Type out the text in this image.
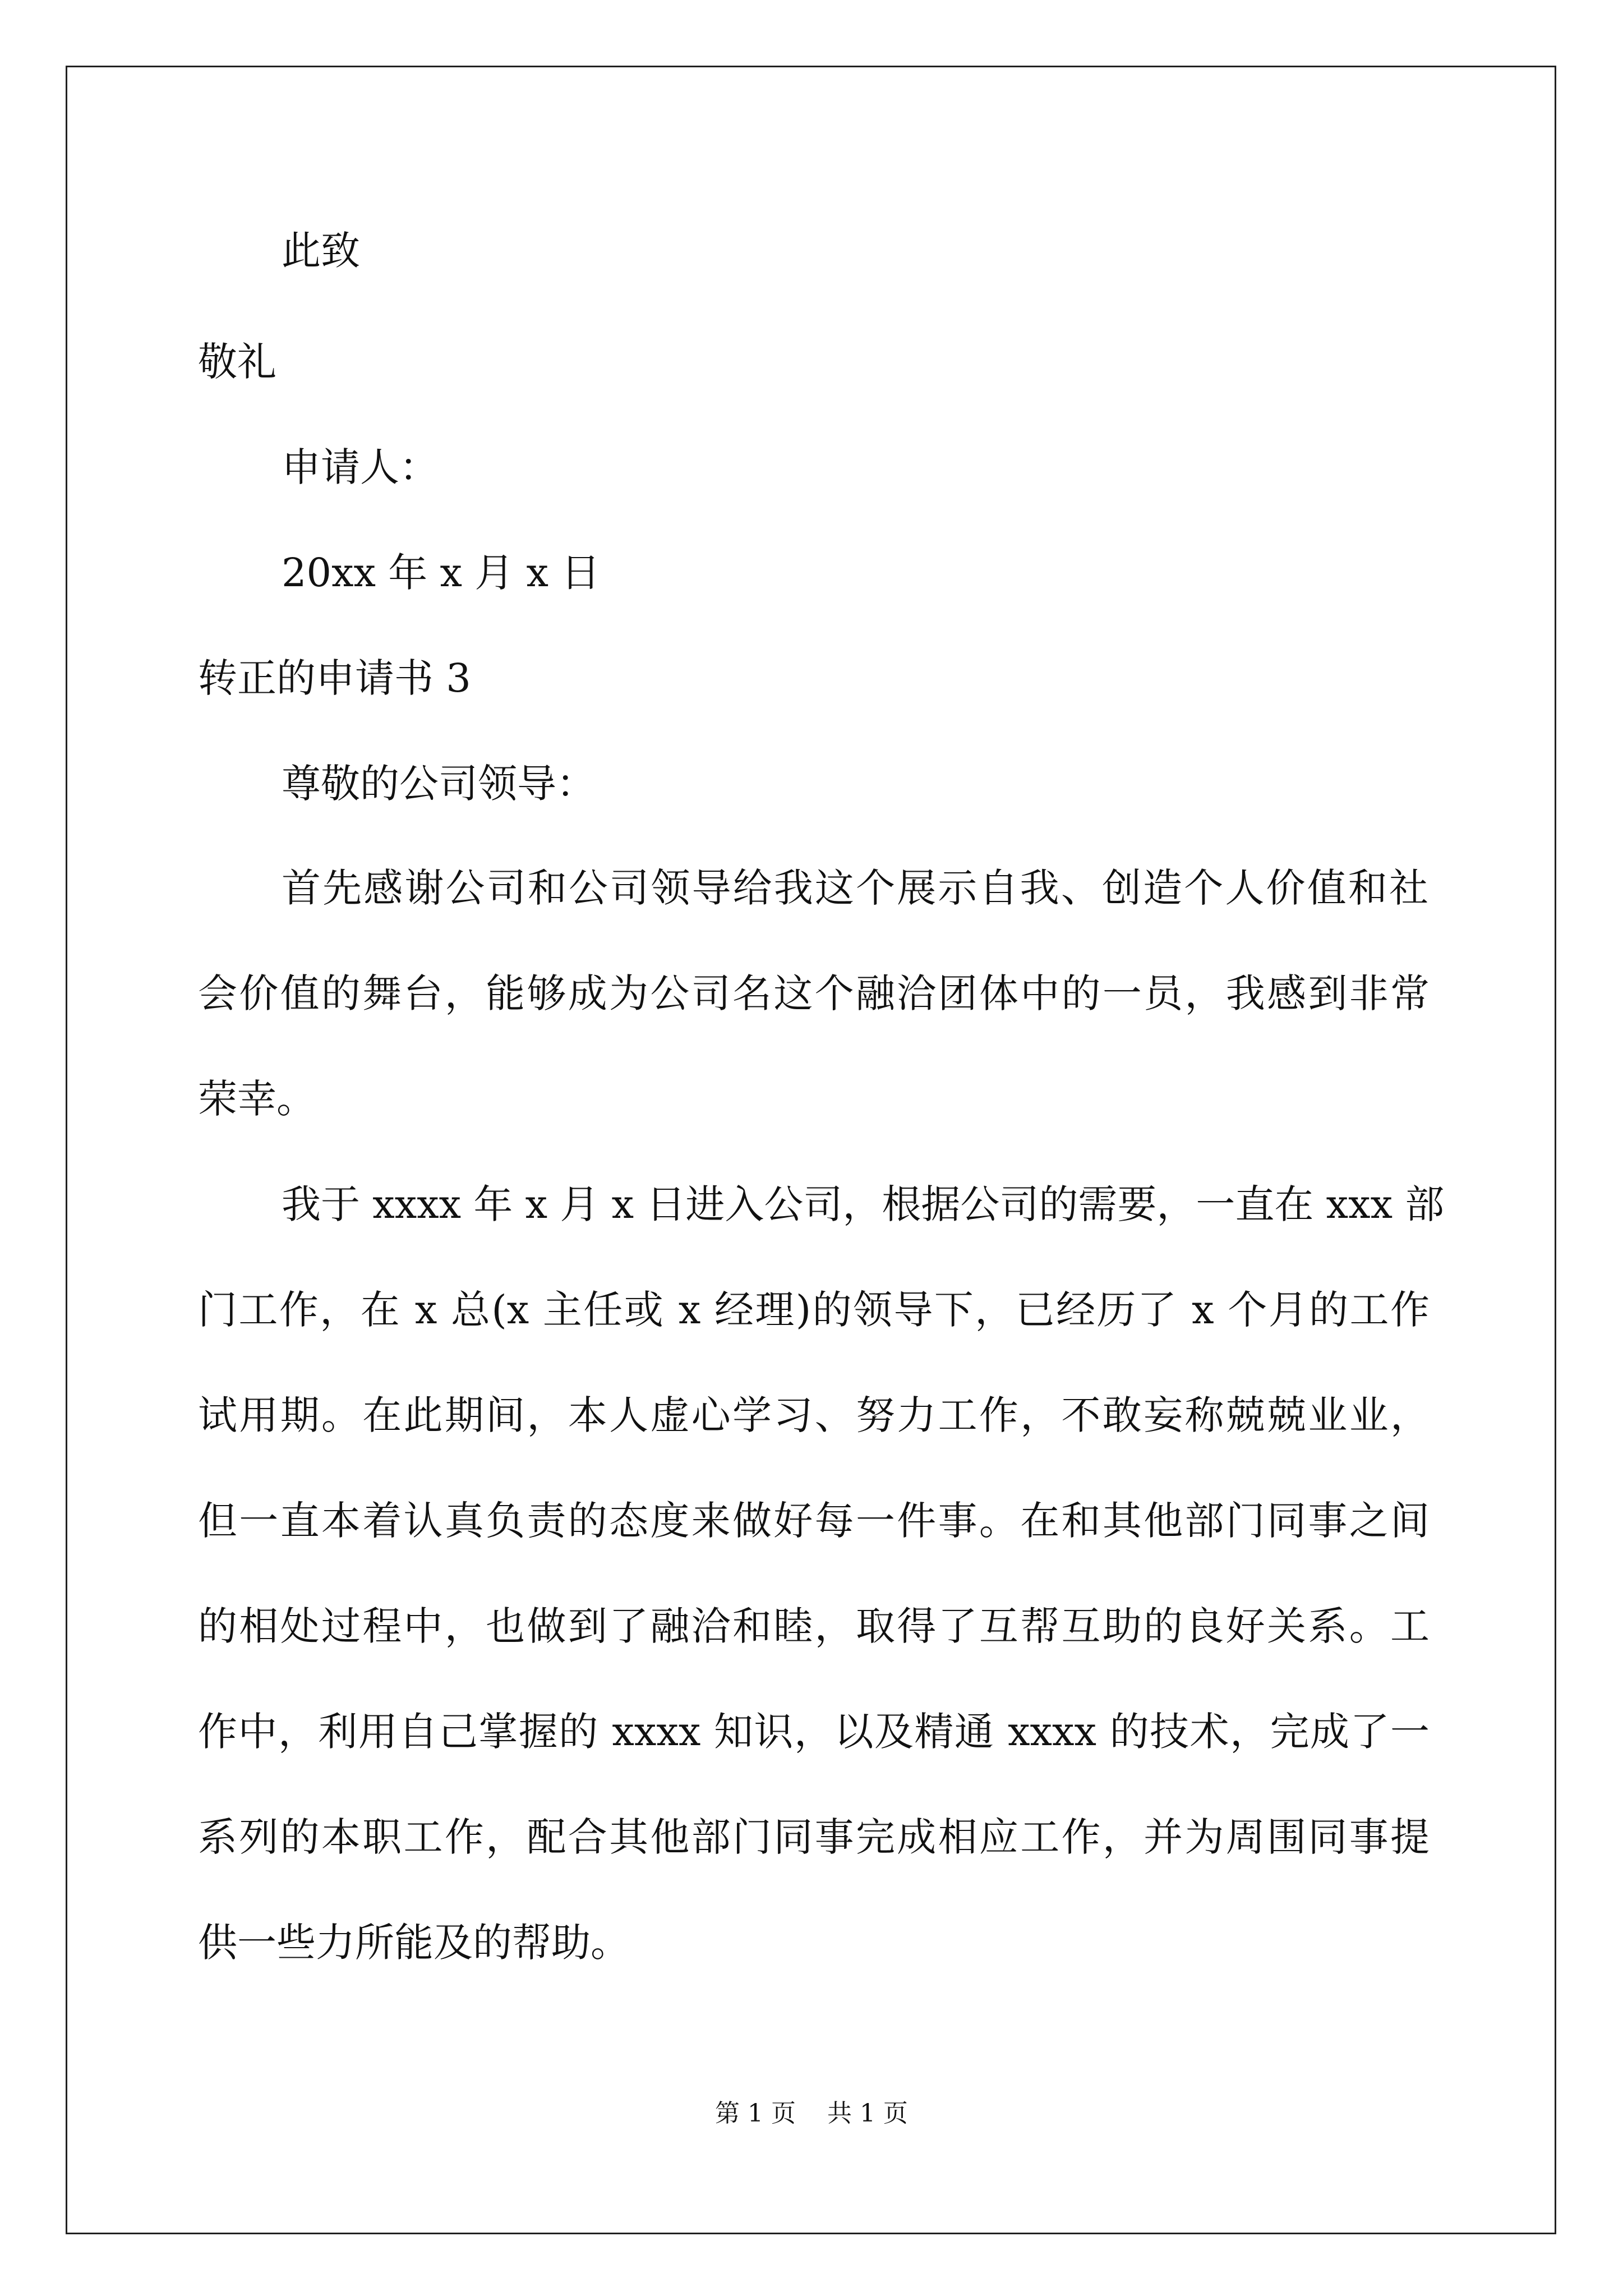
此致
敬礼
申请人：
20xx 年 x 月 x 日
转正的申请书 3
尊敬的公司领导：
首先感谢公司和公司领导给我这个展示自我、创造个人价值和社
会价值的舞台，能够成为公司名这个融洽团体中的一员，我感到非常
荣幸。
我于 xxxx 年 x 月 x 日进入公司，根据公司的需要，一直在 xxx 部
门工作，在 x 总(x 主任或 x 经理)的领导下，已经历了 x 个月的工作
试用期。在此期间，本人虚心学习、努力工作，不敢妄称兢兢业业，
但一直本着认真负责的态度来做好每一件事。在和其他部门同事之间
的相处过程中，也做到了融洽和睦，取得了互帮互助的良好关系。工
作中，利用自己掌握的 xxxx 知识，以及精通 xxxx 的技术，完成了一
系列的本职工作，配合其他部门同事完成相应工作，并为周围同事提
供一些力所能及的帮助。
第 1 页    共 1 页
